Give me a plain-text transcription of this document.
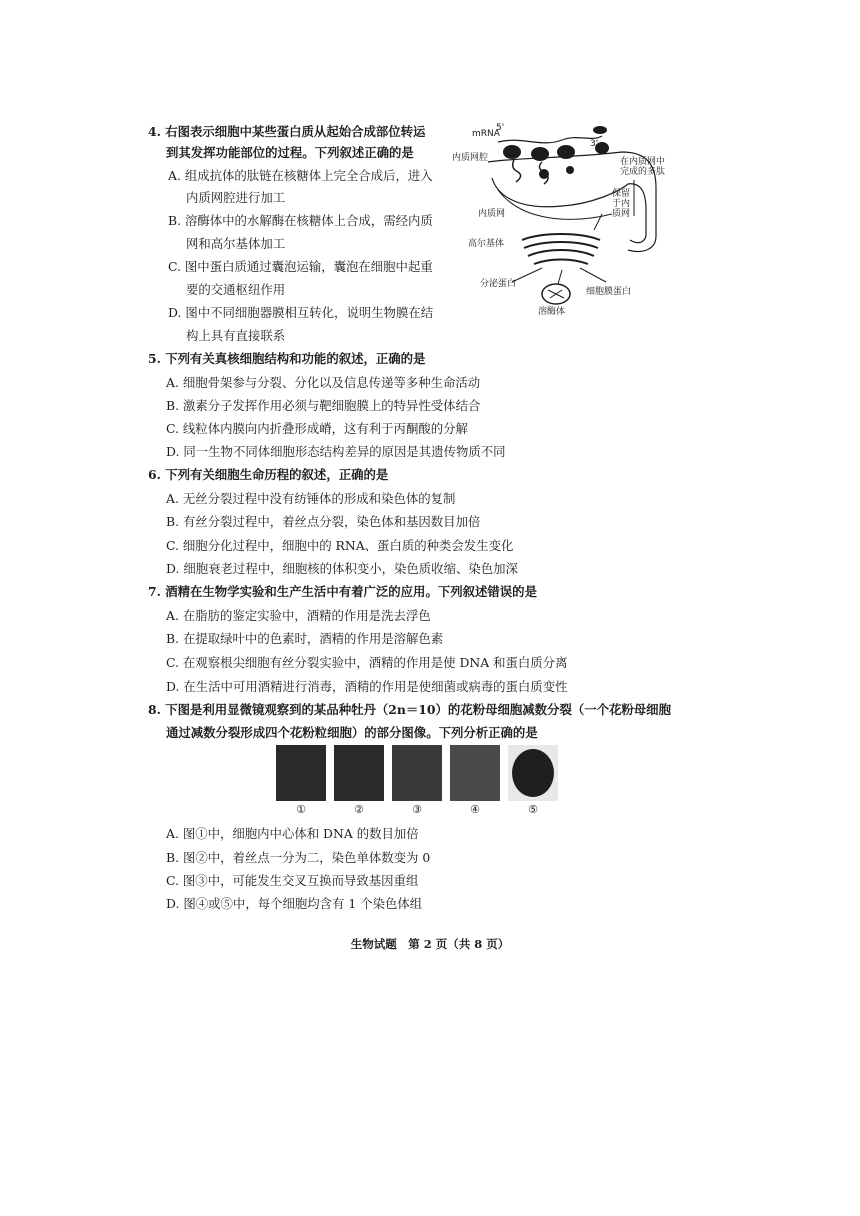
4. 右图表示细胞中某些蛋白质从起始合成部位转运
到其发挥功能部位的过程。下列叙述正确的是
A. 组成抗体的肽链在核糖体上完全合成后，进入
内质网腔进行加工
B. 溶酶体中的水解酶在核糖体上合成，需经内质
网和高尔基体加工
C. 图中蛋白质通过囊泡运输，囊泡在细胞中起重
要的交通枢纽作用
D. 图中不同细胞器膜相互转化，说明生物膜在结
构上具有直接联系
mRNA
5'
3'
内质网腔	在内质网中
完成的多肽
内质网
保留
于内
质网
高尔基体
分泌蛋白
细胞膜蛋白
溶酶体
5. 下列有关真核细胞结构和功能的叙述，正确的是
A. 细胞骨架参与分裂、分化以及信息传递等多种生命活动
B. 激素分子发挥作用必须与靶细胞膜上的特异性受体结合
C. 线粒体内膜向内折叠形成嵴，这有利于丙酮酸的分解
D. 同一生物不同体细胞形态结构差异的原因是其遗传物质不同
6. 下列有关细胞生命历程的叙述，正确的是
A. 无丝分裂过程中没有纺锤体的形成和染色体的复制
B. 有丝分裂过程中，着丝点分裂，染色体和基因数目加倍
C. 细胞分化过程中，细胞中的 RNA、蛋白质的种类会发生变化
D. 细胞衰老过程中，细胞核的体积变小，染色质收缩、染色加深
7. 酒精在生物学实验和生产生活中有着广泛的应用。下列叙述错误的是
A. 在脂肪的鉴定实验中，酒精的作用是洗去浮色
B. 在提取绿叶中的色素时，酒精的作用是溶解色素
C. 在观察根尖细胞有丝分裂实验中，酒精的作用是使 DNA 和蛋白质分离
D. 在生活中可用酒精进行消毒，酒精的作用是使细菌或病毒的蛋白质变性
8. 下图是利用显微镜观察到的某品种牡丹（2n＝10）的花粉母细胞减数分裂（一个花粉母细胞
通过减数分裂形成四个花粉粒细胞）的部分图像。下列分析正确的是
①	②	③	④	⑤
A. 图①中，细胞内中心体和 DNA 的数目加倍
B. 图②中，着丝点一分为二，染色单体数变为 0
C. 图③中，可能发生交叉互换而导致基因重组
D. 图④或⑤中，每个细胞均含有 1 个染色体组
生物试题　第 2 页（共 8 页）
